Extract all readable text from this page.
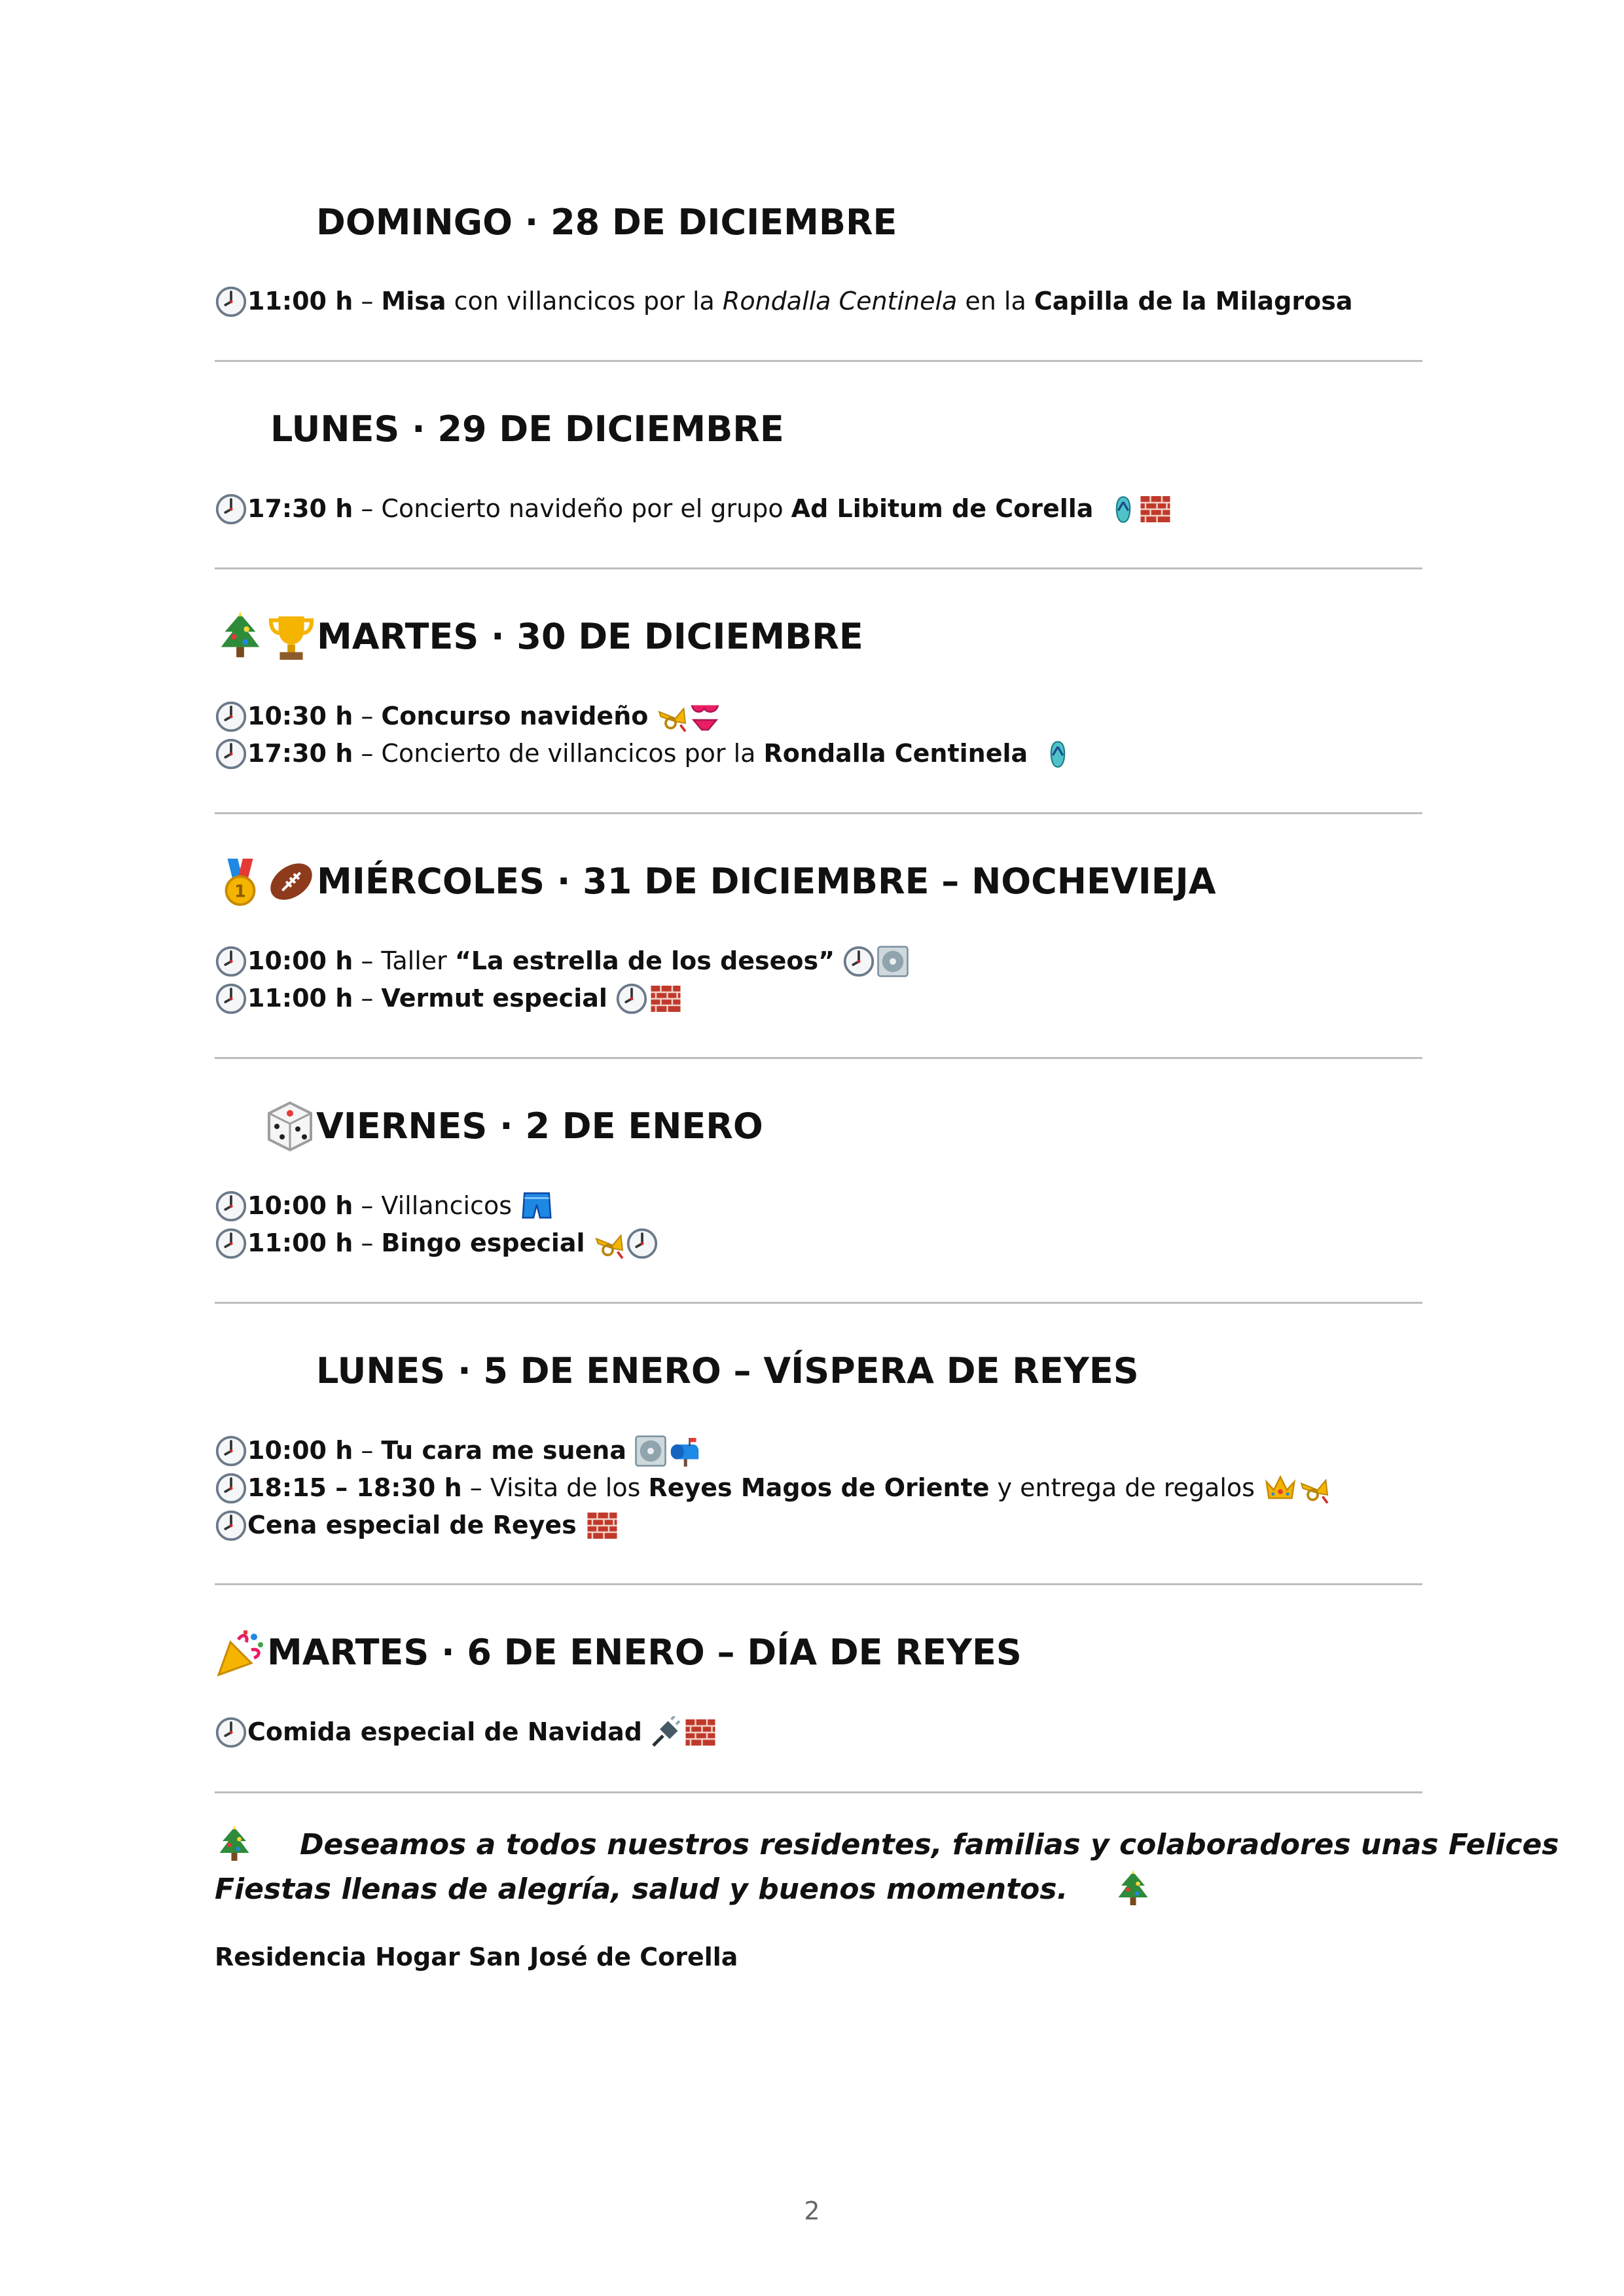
DOMINGO · 28 DE DICIEMBRE
11:00 h – Misa con villancicos por la Rondalla Centinela en la Capilla de la Milagrosa
LUNES · 29 DE DICIEMBRE
17:30 h – Concierto navideño por el grupo Ad Libitum de Corella
MARTES · 30 DE DICIEMBRE
10:30 h – Concurso navideño
17:30 h – Concierto de villancicos por la Rondalla Centinela
MIÉRCOLES · 31 DE DICIEMBRE – NOCHEVIEJA
10:00 h – Taller “La estrella de los deseos”
11:00 h – Vermut especial
VIERNES · 2 DE ENERO
10:00 h – Villancicos
11:00 h – Bingo especial
LUNES · 5 DE ENERO – VÍSPERA DE REYES
10:00 h – Tu cara me suena
18:15 – 18:30 h – Visita de los Reyes Magos de Oriente y entrega de regalos
Cena especial de Reyes
MARTES · 6 DE ENERO – DÍA DE REYES
Comida especial de Navidad
Deseamos a todos nuestros residentes, familias y colaboradores unas Felices
Fiestas llenas de alegría, salud y buenos momentos.
Residencia Hogar San José de Corella
2
